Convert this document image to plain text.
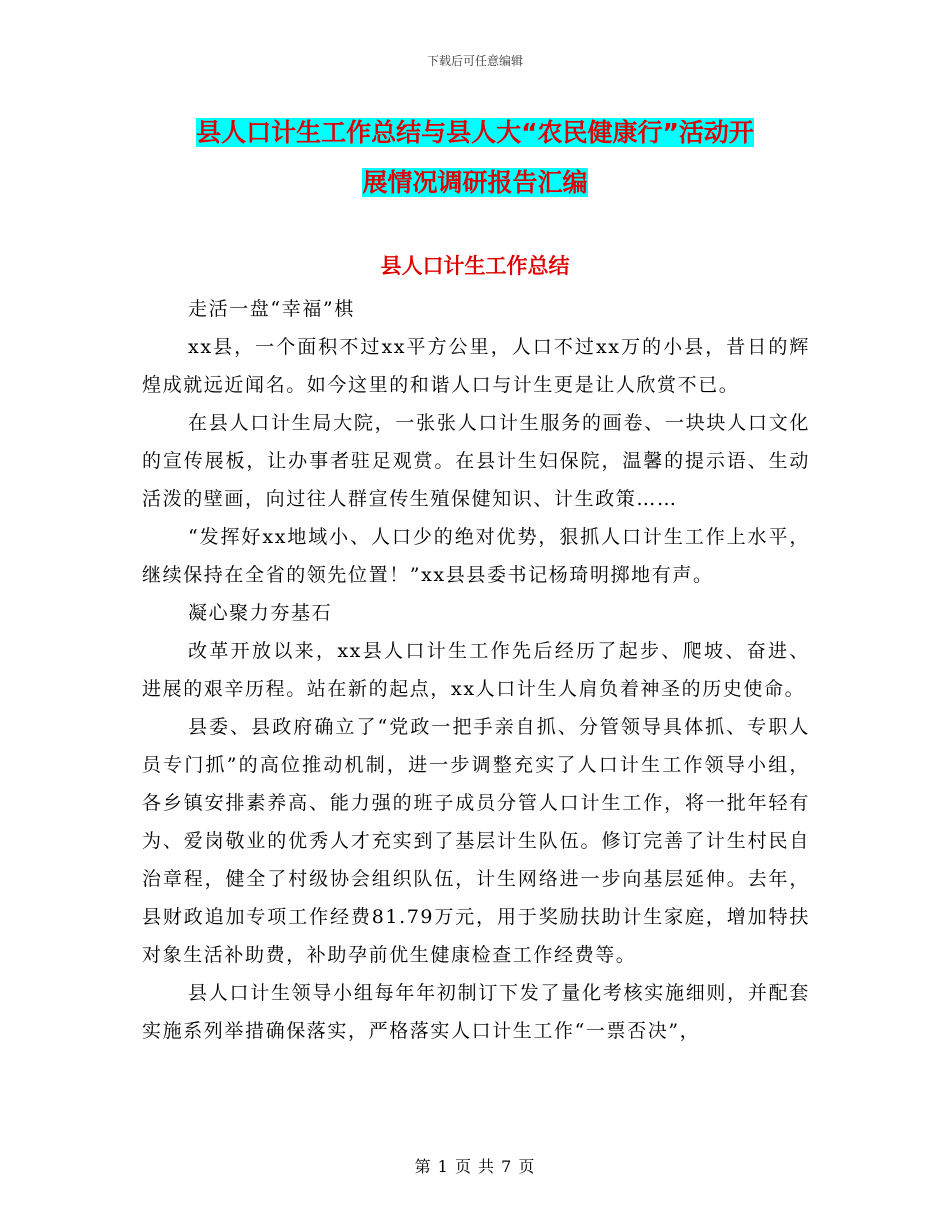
下载后可任意编辑
县人口计生工作总结与县人大“农民健康行”活动开
展情况调研报告汇编
县人口计生工作总结

走活一盘“幸福”棋

xx县，一个面积不过xx平方公里，人口不过xx万的小县，昔日的辉煌成就远近闻名。如今这里的和谐人口与计生更是让人欣赏不已。

在县人口计生局大院，一张张人口计生服务的画卷、一块块人口文化的宣传展板，让办事者驻足观赏。在县计生妇保院，温馨的提示语、生动活泼的壁画，向过往人群宣传生殖保健知识、计生政策……

“发挥好xx地域小、人口少的绝对优势，狠抓人口计生工作上水平，继续保持在全省的领先位置！”xx县县委书记杨琦明掷地有声。

凝心聚力夯基石

改革开放以来，xx县人口计生工作先后经历了起步、爬坡、奋进、进展的艰辛历程。站在新的起点，xx人口计生人肩负着神圣的历史使命。

县委、县政府确立了“党政一把手亲自抓、分管领导具体抓、专职人员专门抓”的高位推动机制，进一步调整充实了人口计生工作领导小组，各乡镇安排素养高、能力强的班子成员分管人口计生工作，将一批年轻有为、爱岗敬业的优秀人才充实到了基层计生队伍。修订完善了计生村民自治章程，健全了村级协会组织队伍，计生网络进一步向基层延伸。去年，县财政追加专项工作经费81.79万元，用于奖励扶助计生家庭，增加特扶对象生活补助费，补助孕前优生健康检查工作经费等。

县人口计生领导小组每年年初制订下发了量化考核实施细则，并配套实施系列举措确保落实，严格落实人口计生工作“一票否决”，

第 1 页 共 7 页
